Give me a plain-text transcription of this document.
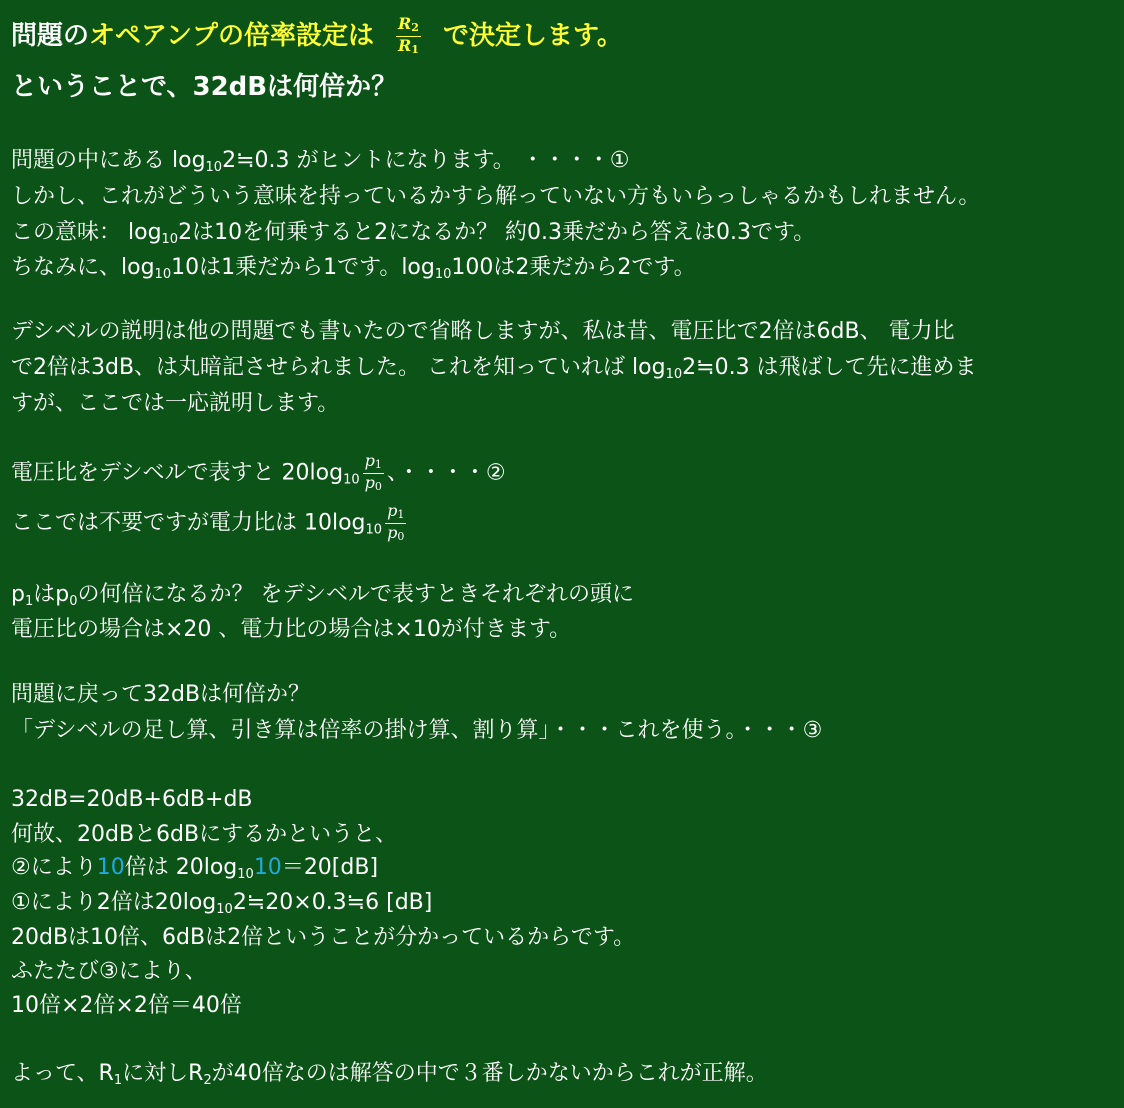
問題のオペアンプの倍率設定は $\frac{R2}{R1}$ で決定します。
ということで、32dBは何倍か？
問題の中にある $\log_{10}2≒0.3$ がヒントになります。 ・・・・①
しかし、これがどういう意味を持っているかすら解っていない方もいらっしゃるかもしれません。
この意味： $\log_{10}2$は10を何乗すると2になるか？ 約0.3乗だから答えは0.3です。
ちなみに、$\log_{10}10$は1乗だから1です。$\log_{10}100$は2乗だから2です。
デシベルの説明は他の問題でも書いたので省略しますが、私は昔、電圧比で2倍は6dB、 電力比
で2倍は3dB、は丸暗記させられました。 これを知っていれば $\log_{10}2≒0.3$ は飛ばして先に進めま
すが、ここでは一応説明します。
電圧比をデシベルで表すと $20\log_{10} \frac{p1}{p0}$ 、・・・・②
ここでは不要ですが電力比は $10\log_{10} \frac{p1}{p0}$
$p_1$は$p_0$の何倍になるか？ をデシベルで表すときそれぞれの頭に
電圧比の場合は×20 、電力比の場合は×10が付きます。
問題に戻って32dBは何倍か？
「デシベルの足し算、引き算は倍率の掛け算、割り算」・・・これを使う。・・・③
32dB=20dB+6dB+dB
何故、20dBと6dBにするかというと、
②により10倍は $20\log_{10}10=20[dB]$
①により2倍は$20\log_{10}2≒20\times 0.3≒6$ [dB]
20dBは10倍、6dBは2倍ということが分かっているからです。
ふたたび③により、
10倍×2倍×2倍＝40倍
よって、$R_1$に対し$R_2$が40倍なのは解答の中で３番しかないからこれが正解。
